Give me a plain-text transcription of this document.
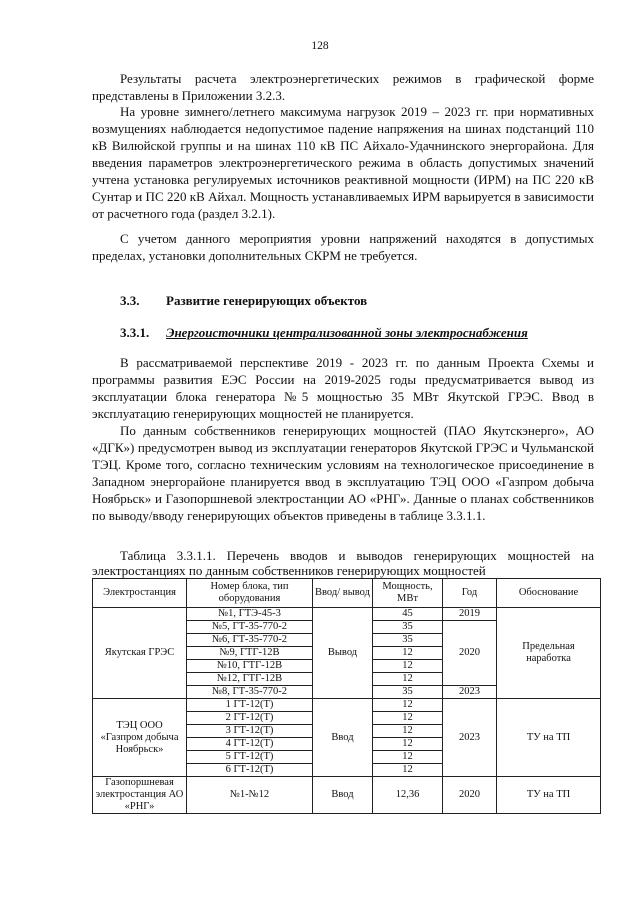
128

Результаты расчета электроэнергетических режимов в графической форме представлены в Приложении 3.2.3.

На уровне зимнего/летнего максимума нагрузок 2019 – 2023 гг. при нормативных возмущениях наблюдается недопустимое падение напряжения на шинах подстанций 110 кВ Вилюйской группы и на шинах 110 кВ ПС Айхало-Удачнинского энергорайона. Для введения параметров электроэнергетического режима в область допустимых значений учтена установка регулируемых источников реактивной мощности (ИРМ) на ПС 220 кВ Сунтар и ПС 220 кВ Айхал. Мощность устанавливаемых ИРМ варьируется в зависимости от расчетного года (раздел 3.2.1).

С учетом данного мероприятия уровни напряжений находятся в допустимых пределах, установки дополнительных СКРМ не требуется.

3.3. Развитие генерирующих объектов
3.3.1. Энергоисточники централизованной зоны электроснабжения

В рассматриваемой перспективе 2019 - 2023 гг. по данным Проекта Схемы и программы развития ЕЭС России на 2019-2025 годы предусматривается вывод из эксплуатации блока генератора №5 мощностью 35 МВт Якутской ГРЭС. Ввод в эксплуатацию генерирующих мощностей не планируется.

По данным собственников генерирующих мощностей (ПАО Якутскэнерго», АО «ДГК») предусмотрен вывод из эксплуатации генераторов Якутской ГРЭС и Чульманской ТЭЦ. Кроме того, согласно техническим условиям на технологическое присоединение в Западном энергорайоне планируется ввод в эксплуатацию ТЭЦ ООО «Газпром добыча Ноябрьск» и Газопоршневой электростанции АО «РНГ». Данные о планах собственников по выводу/вводу генерирующих объектов приведены в таблице 3.3.1.1.

Таблица 3.3.1.1. Перечень вводов и выводов генерирующих мощностей на электростанциях по данным собственников генерирующих мощностей

Электростанция	Номер блока, тип оборудования	Ввод/ вывод	Мощность, МВт	Год	Обоснование
Якутская ГРЭС	№1, ГТЭ-45-3	Вывод	45	2019	Предельная наработка
	№5, ГТ-35-770-2		35	2020	
	№6, ГТ-35-770-2		35		
	№9, ГТГ-12В		12		
	№10, ГТГ-12В		12		
	№12, ГТГ-12В		12		
	№8, ГТ-35-770-2		35	2023	
ТЭЦ ООО «Газпром добыча Ноябрьск»	1 ГТ-12(Т)	Ввод	12	2023	ТУ на ТП
	2 ГТ-12(Т)		12		
	3 ГТ-12(Т)		12		
	4 ГТ-12(Т)		12		
	5 ГТ-12(Т)		12		
	6 ГТ-12(Т)		12		
Газопоршневая электростанция АО «РНГ»	№1-№12	Ввод	12,36	2020	ТУ на ТП
